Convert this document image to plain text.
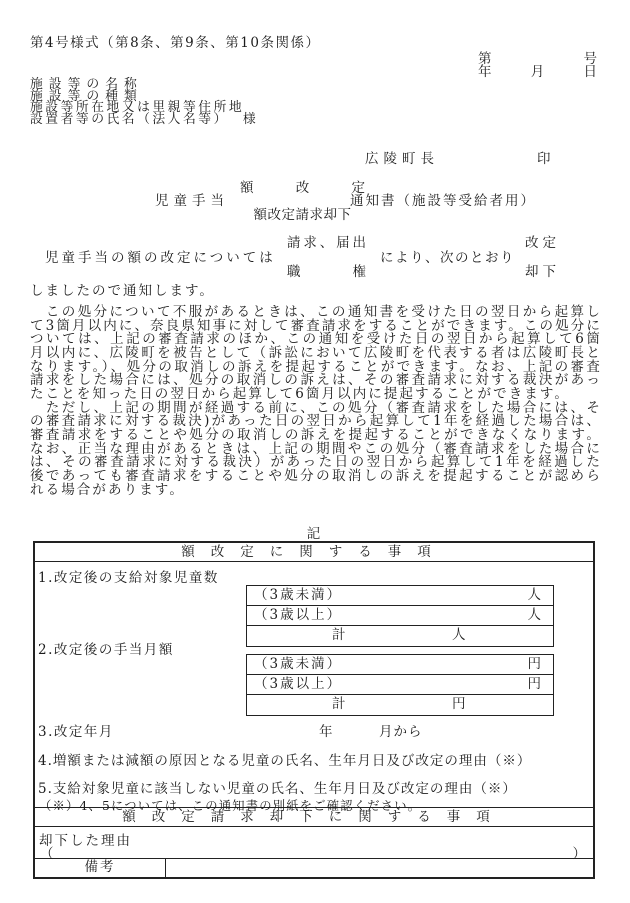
第4号様式（第8条、第9条、第10条関係）
第	号
年	月	日
施設等の名称
施設等の種類
施設等所在地又は里親等住所地
設置者等の氏名（法人名等） 様
広陵町長	印
児童手当
額改定
額改定請求却下
通知書（施設等受給者用）
児童手当の額の改定については
請求、届出
職権
により、次のとおり
改定
却下
しましたので通知します。
　この処分について不服があるときは、この通知書を受けた日の翌日から起算して3箇月以内に、奈良県知事に対して審査請求をすることができます。この処分については、上記の審査請求のほか、この通知を受けた日の翌日から起算して6箇月以内に、広陵町を被告として（訴訟において広陵町を代表する者は広陵町長となります。）、処分の取消しの訴えを提起することができます。なお、上記の審査請求をした場合には、処分の取消しの訴えは、その審査請求に対する裁決があったことを知った日の翌日から起算して6箇月以内に提起することができます。
　ただし、上記の期間が経過する前に、この処分（審査請求をした場合には、その審査請求に対する裁決)があった日の翌日から起算して1年を経過した場合は、審査請求をすることや処分の取消しの訴えを提起することができなくなります。なお、正当な理由があるときは、上記の期間やこの処分（審査請求をした場合には、その審査請求に対する裁決）があった日の翌日から起算して1年を経過した後であっても審査請求をすることや処分の取消しの訴えを提起することが認められる場合があります。
記
額改定に関する事項
1.改定後の支給対象児童数
（3歳未満）	人
（3歳以上）	人
計	人
2.改定後の手当月額
（3歳未満）	円
（3歳以上）	円
計	円
3.改定年月	年	月から
4.増額または減額の原因となる児童の氏名、生年月日及び改定の理由（※）
5.支給対象児童に該当しない児童の氏名、生年月日及び改定の理由（※）
（※）4、5については、この通知書の別紙をご確認ください。
額改定請求却下に関する事項
却下した理由
（	）
備考
